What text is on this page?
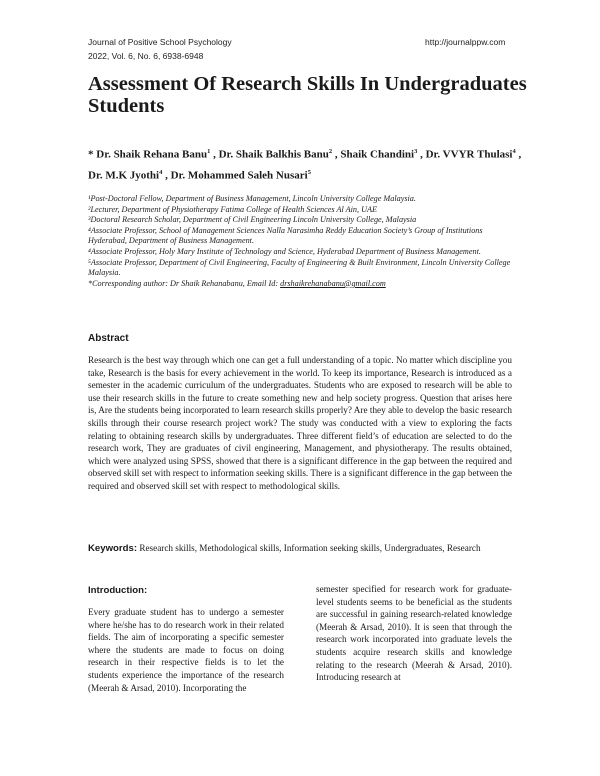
Journal of Positive School Psychology
2022, Vol. 6, No. 6, 6938-6948
http://journalppw.com
Assessment Of Research Skills In Undergraduates Students
* Dr. Shaik Rehana Banu$^1$ , Dr. Shaik Balkhis Banu$^2$ , Shaik Chandini$^3$ , Dr. VVYR Thulasi$^4$ , Dr. M.K Jyothi$^4$ , Dr. Mohammed Saleh Nusari$^5$

¹Post-Doctoral Fellow, Department of Business Management, Lincoln University College Malaysia.

²Lecturer, Department of Physiotherapy Fatima College of Health Sciences Al Ain, UAE

³Doctoral Research Scholar, Department of Civil Engineering Lincoln University College, Malaysia

⁴Associate Professor, School of Management Sciences Nalla Narasimha Reddy Education Society’s Group of Institutions Hyderabad, Department of Business Management.

⁴Associate Professor, Holy Mary Institute of Technology and Science, Hyderabad Department of Business Management.

⁵Associate Professor, Department of Civil Engineering, Faculty of Engineering & Built Environment, Lincoln University College Malaysia.

*Corresponding author: Dr Shaik Rehanabanu, Email Id: drshaikrehanabanu@gmail.com

Abstract

Research is the best way through which one can get a full understanding of a topic. No matter which discipline you take, Research is the basis for every achievement in the world. To keep its importance, Research is introduced as a semester in the academic curriculum of the undergraduates. Students who are exposed to research will be able to use their research skills in the future to create something new and help society progress. Question that arises here is, Are the students being incorporated to learn research skills properly? Are they able to develop the basic research skills through their course research project work? The study was conducted with a view to exploring the facts relating to obtaining research skills by undergraduates. Three different field’s of education are selected to do the research work, They are graduates of civil engineering, Management, and physiotherapy. The results obtained, which were analyzed using SPSS, showed that there is a significant difference in the gap between the required and observed skill set with respect to information seeking skills. There is a significant difference in the gap between the required and observed skill set with respect to methodological skills.

Keywords: Research skills, Methodological skills, Information seeking skills, Undergraduates, Research

Introduction:

Every graduate student has to undergo a semester where he/she has to do research work in their related fields. The aim of incorporating a specific semester where the students are made to focus on doing research in their respective fields is to let the students experience the importance of the research (Meerah & Arsad, 2010). Incorporating the

semester specified for research work for graduate-level students seems to be beneficial as the students are successful in gaining research-related knowledge (Meerah & Arsad, 2010). It is seen that through the research work incorporated into graduate levels the students acquire research skills and knowledge relating to the research (Meerah & Arsad, 2010). Introducing research at
